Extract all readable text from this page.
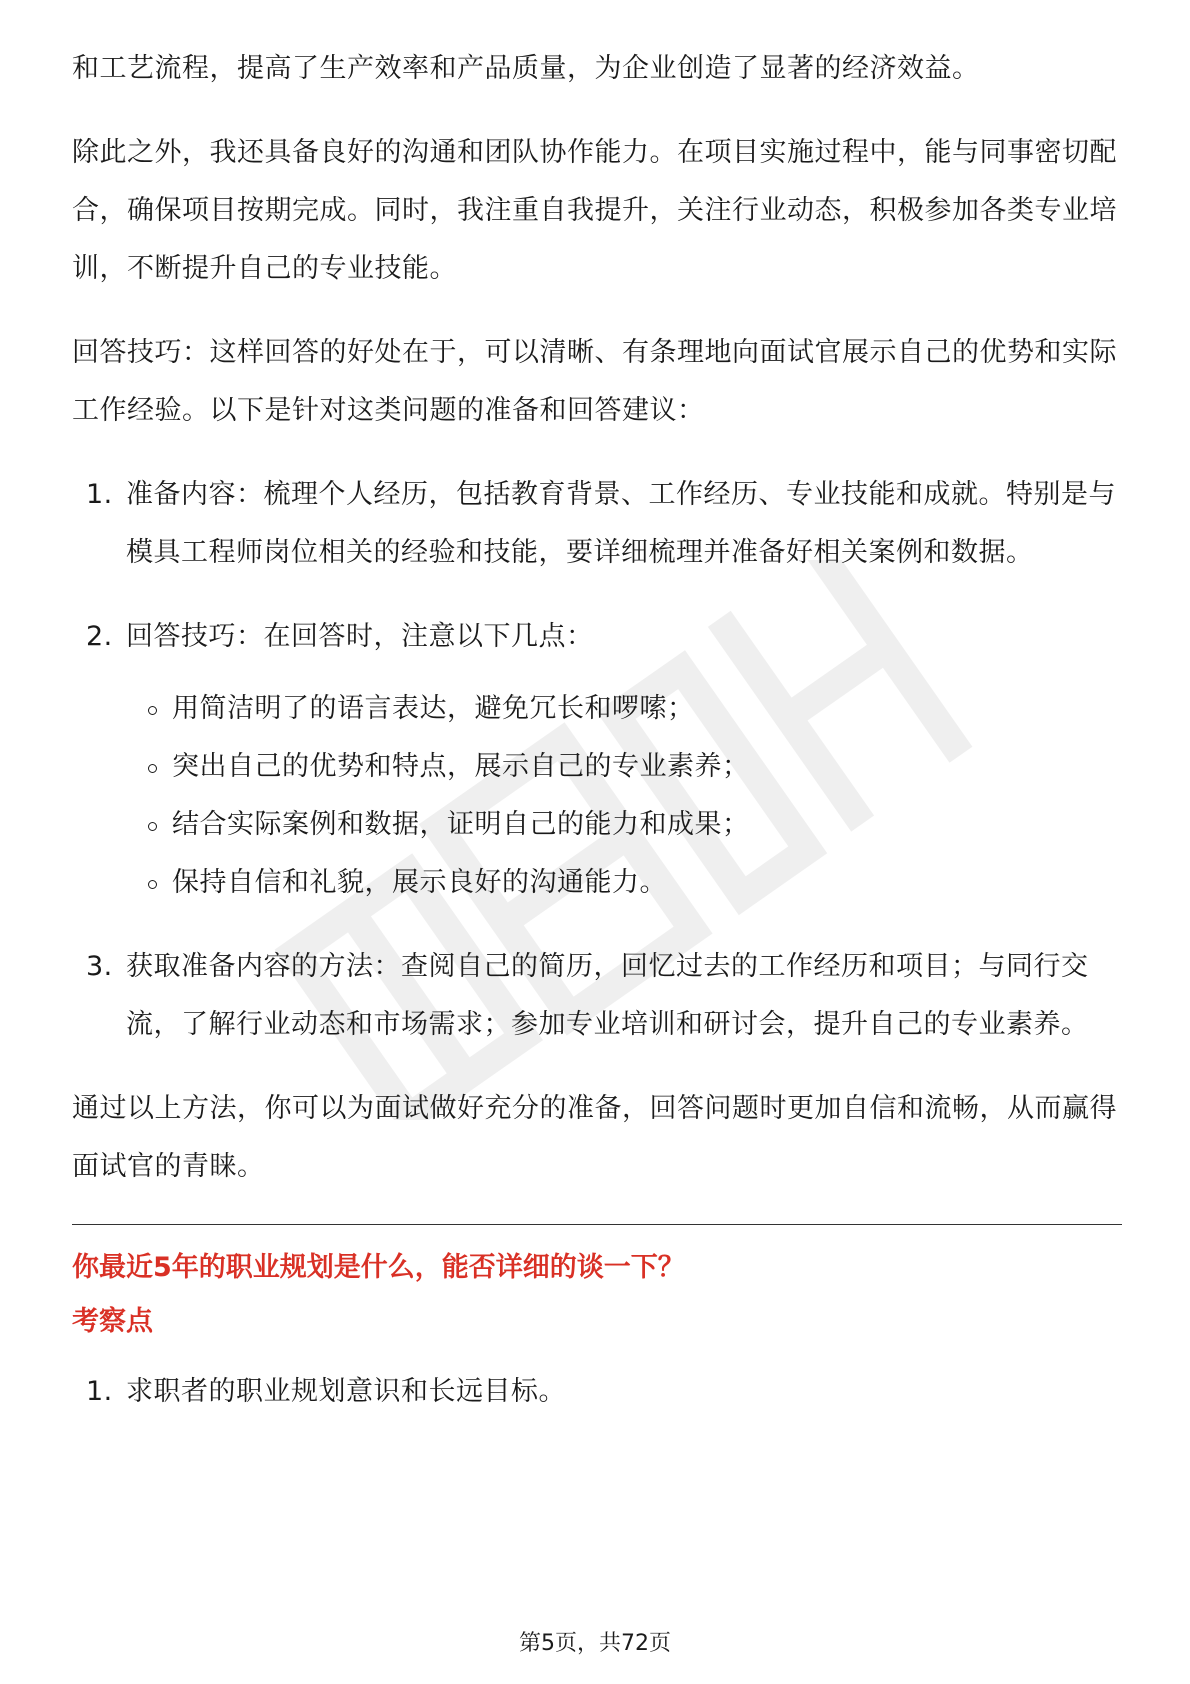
和工艺流程，提高了生产效率和产品质量，为企业创造了显著的经济效益。

除此之外，我还具备良好的沟通和团队协作能力。在项目实施过程中，能与同事密切配合，确保项目按期完成。同时，我注重自我提升，关注行业动态，积极参加各类专业培训，不断提升自己的专业技能。

回答技巧：这样回答的好处在于，可以清晰、有条理地向面试官展示自己的优势和实际工作经验。以下是针对这类问题的准备和回答建议：

1. 准备内容：梳理个人经历，包括教育背景、工作经历、专业技能和成就。特别是与模具工程师岗位相关的经验和技能，要详细梳理并准备好相关案例和数据。
2. 回答技巧：在回答时，注意以下几点：
用简洁明了的语言表达，避免冗长和啰嗦；
突出自己的优势和特点，展示自己的专业素养；
结合实际案例和数据，证明自己的能力和成果；
保持自信和礼貌，展示良好的沟通能力。
3. 获取准备内容的方法：查阅自己的简历，回忆过去的工作经历和项目；与同行交流，了解行业动态和市场需求；参加专业培训和研讨会，提升自己的专业素养。

通过以上方法，你可以为面试做好充分的准备，回答问题时更加自信和流畅，从而赢得面试官的青睐。

你最近5年的职业规划是什么，能否详细的谈一下？

考察点

1. 求职者的职业规划意识和长远目标。
第5页，共72页
